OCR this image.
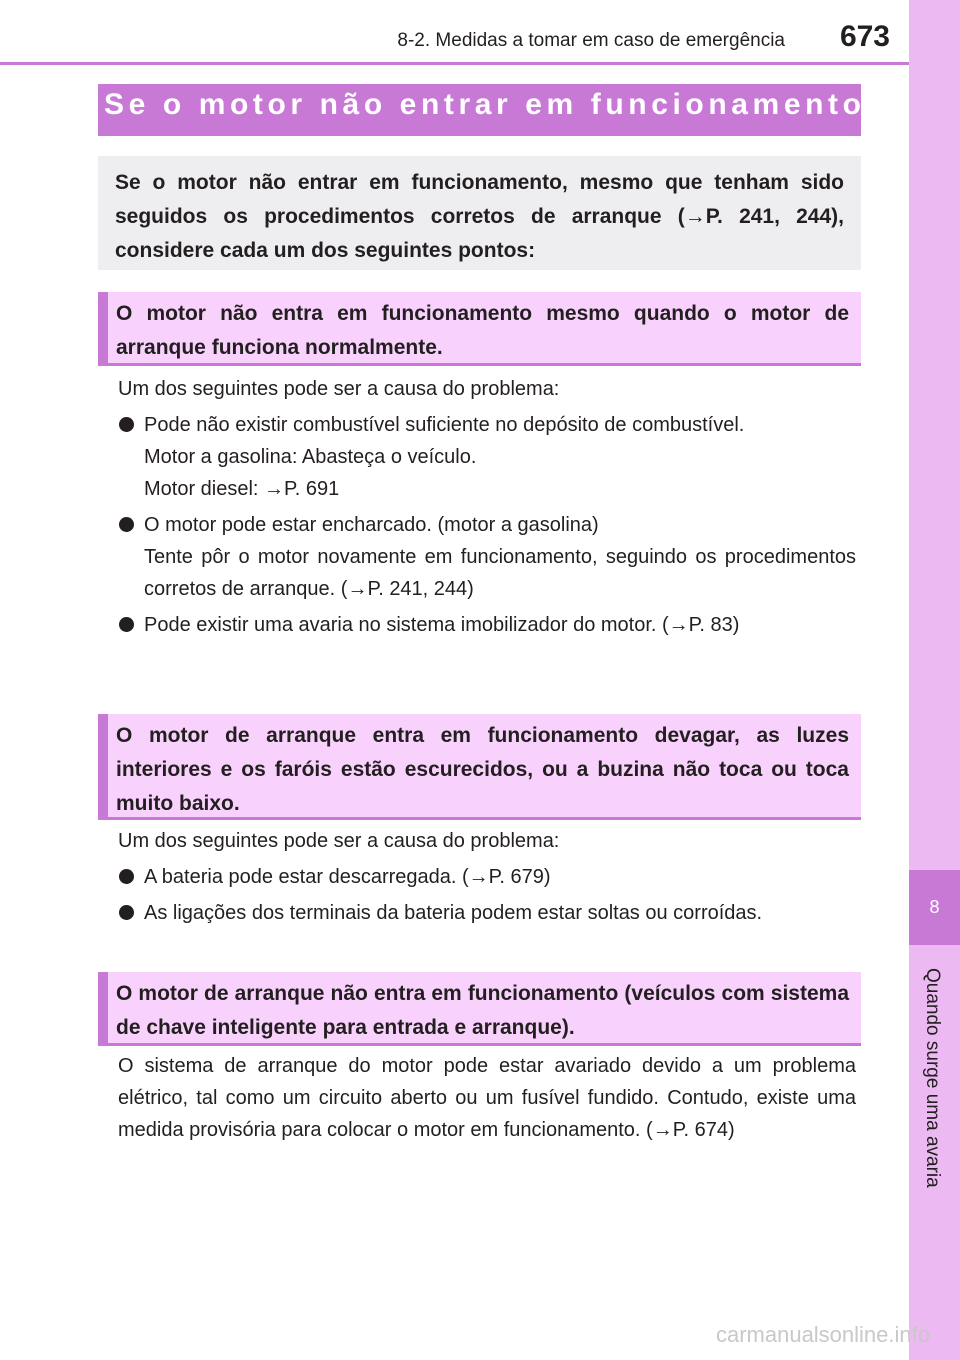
8-2. Medidas a tomar em caso de emergência 673
8
Quando surge uma avaria
Se o motor não entrar em funcionamento

Se o motor não entrar em funcionamento, mesmo que tenham sido seguidos os procedimentos corretos de arranque (→P. 241, 244), considere cada um dos seguintes pontos:

O motor não entra em funcionamento mesmo quando o motor de arranque funciona normalmente.

Um dos seguintes pode ser a causa do problema:

Pode não existir combustível suficiente no depósito de combustível.
Motor a gasolina: Abasteça o veículo.
Motor diesel: →P. 691
O motor pode estar encharcado. (motor a gasolina)
Tente pôr o motor novamente em funcionamento, seguindo os procedimentos corretos de arranque. (→P. 241, 244)
Pode existir uma avaria no sistema imobilizador do motor. (→P. 83)

O motor de arranque entra em funcionamento devagar, as luzes interiores e os faróis estão escurecidos, ou a buzina não toca ou toca muito baixo.

Um dos seguintes pode ser a causa do problema:

A bateria pode estar descarregada. (→P. 679)
As ligações dos terminais da bateria podem estar soltas ou corroídas.

O motor de arranque não entra em funcionamento (veículos com sistema de chave inteligente para entrada e arranque).

O sistema de arranque do motor pode estar avariado devido a um problema elétrico, tal como um circuito aberto ou um fusível fundido. Contudo, existe uma medida provisória para colocar o motor em funcionamento. (→P. 674)

carmanualsonline.info
